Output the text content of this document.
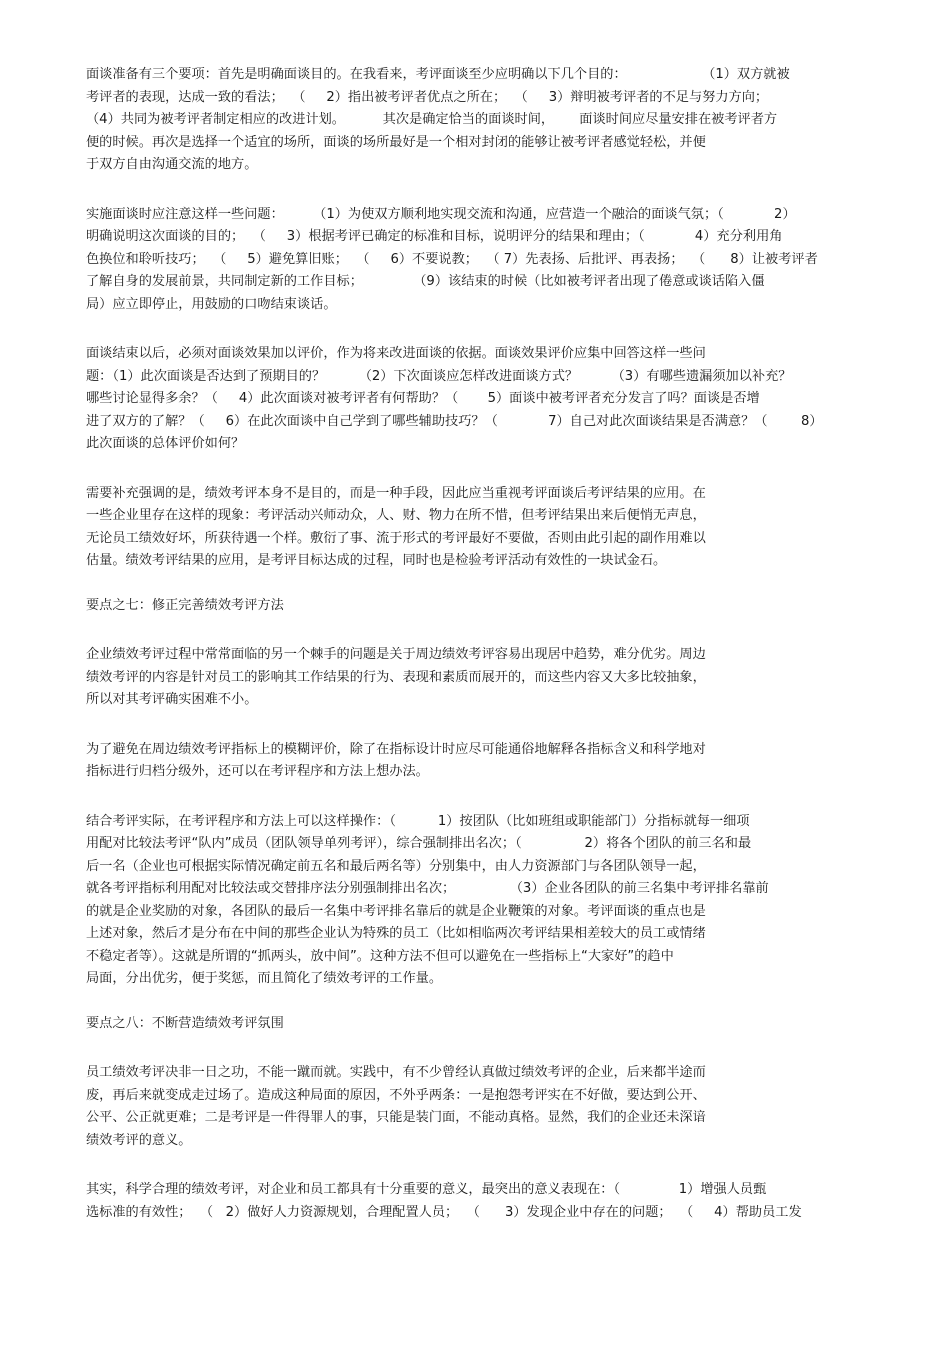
面谈准备有三个要项：首先是明确面谈目的。在我看来，考评面谈至少应明确以下几个目的：                  （1）双方就被
考评者的表现，达成一致的看法；  （     2）指出被考评者优点之所在；  （     3）辩明被考评者的不足与努力方向；
（4）共同为被考评者制定相应的改进计划。         其次是确定恰当的面谈时间，      面谈时间应尽量安排在被考评者方
便的时候。再次是选择一个适宜的场所，面谈的场所最好是一个相对封闭的能够让被考评者感觉轻松，并便
于双方自由沟通交流的地方。
实施面谈时应注意这样一些问题：       （1）为使双方顺利地实现交流和沟通，应营造一个融洽的面谈气氛；（            2）
明确说明这次面谈的目的；  （     3）根据考评已确定的标准和目标，说明评分的结果和理由；（            4）充分利用角
色换位和聆听技巧；  （     5）避免算旧账；  （     6）不要说教；  （ 7）先表扬、后批评、再表扬；  （      8）让被考评者
了解自身的发展前景，共同制定新的工作目标；            （9）该结束的时候（比如被考评者出现了倦意或谈话陷入僵
局）应立即停止，用鼓励的口吻结束谈话。
面谈结束以后，必须对面谈效果加以评价，作为将来改进面谈的依据。面谈效果评价应集中回答这样一些问
题：（1）此次面谈是否达到了预期目的？        （2）下次面谈应怎样改进面谈方式？        （3）有哪些遗漏须加以补充？
哪些讨论显得多余？（     4）此次面谈对被考评者有何帮助？（       5）面谈中被考评者充分发言了吗？面谈是否增
进了双方的了解？（     6）在此次面谈中自己学到了哪些辅助技巧？（            7）自己对此次面谈结果是否满意？（        8）
此次面谈的总体评价如何？
需要补充强调的是，绩效考评本身不是目的，而是一种手段，因此应当重视考评面谈后考评结果的应用。在
一些企业里存在这样的现象：考评活动兴师动众，人、财、物力在所不惜，但考评结果出来后便悄无声息，
无论员工绩效好坏，所获待遇一个样。敷衍了事、流于形式的考评最好不要做，否则由此引起的副作用难以
估量。绩效考评结果的应用，是考评目标达成的过程，同时也是检验考评活动有效性的一块试金石。
要点之七：修正完善绩效考评方法
企业绩效考评过程中常常面临的另一个棘手的问题是关于周边绩效考评容易出现居中趋势，难分优劣。周边
绩效考评的内容是针对员工的影响其工作结果的行为、表现和素质而展开的，而这些内容又大多比较抽象，
所以对其考评确实困难不小。
为了避免在周边绩效考评指标上的模糊评价，除了在指标设计时应尽可能通俗地解释各指标含义和科学地对
指标进行归档分级外，还可以在考评程序和方法上想办法。
结合考评实际，在考评程序和方法上可以这样操作：（          1）按团队（比如班组或职能部门）分指标就每一细项
用配对比较法考评“队内”成员（团队领导单列考评），综合强制排出名次；（               2）将各个团队的前三名和最
后一名（企业也可根据实际情况确定前五名和最后两名等）分别集中，由人力资源部门与各团队领导一起，
就各考评指标利用配对比较法或交替排序法分别强制排出名次；             （3）企业各团队的前三名集中考评排名靠前
的就是企业奖励的对象，各团队的最后一名集中考评排名靠后的就是企业鞭策的对象。考评面谈的重点也是
上述对象，然后才是分布在中间的那些企业认为特殊的员工（比如相临两次考评结果相差较大的员工或情绪
不稳定者等）。这就是所谓的“抓两头，放中间”。这种方法不但可以避免在一些指标上“大家好”的趋中
局面，分出优劣，便于奖惩，而且简化了绩效考评的工作量。
要点之八：不断营造绩效考评氛围
员工绩效考评决非一日之功，不能一蹴而就。实践中，有不少曾经认真做过绩效考评的企业，后来都半途而
废，再后来就变成走过场了。造成这种局面的原因，不外乎两条：一是抱怨考评实在不好做，要达到公开、
公平、公正就更难；二是考评是一件得罪人的事，只能是装门面，不能动真格。显然，我们的企业还未深谙
绩效考评的意义。
其实，科学合理的绩效考评，对企业和员工都具有十分重要的意义，最突出的意义表现在：（              1）增强人员甄
选标准的有效性；  （   2）做好人力资源规划，合理配置人员；  （      3）发现企业中存在的问题；  （     4）帮助员工发
